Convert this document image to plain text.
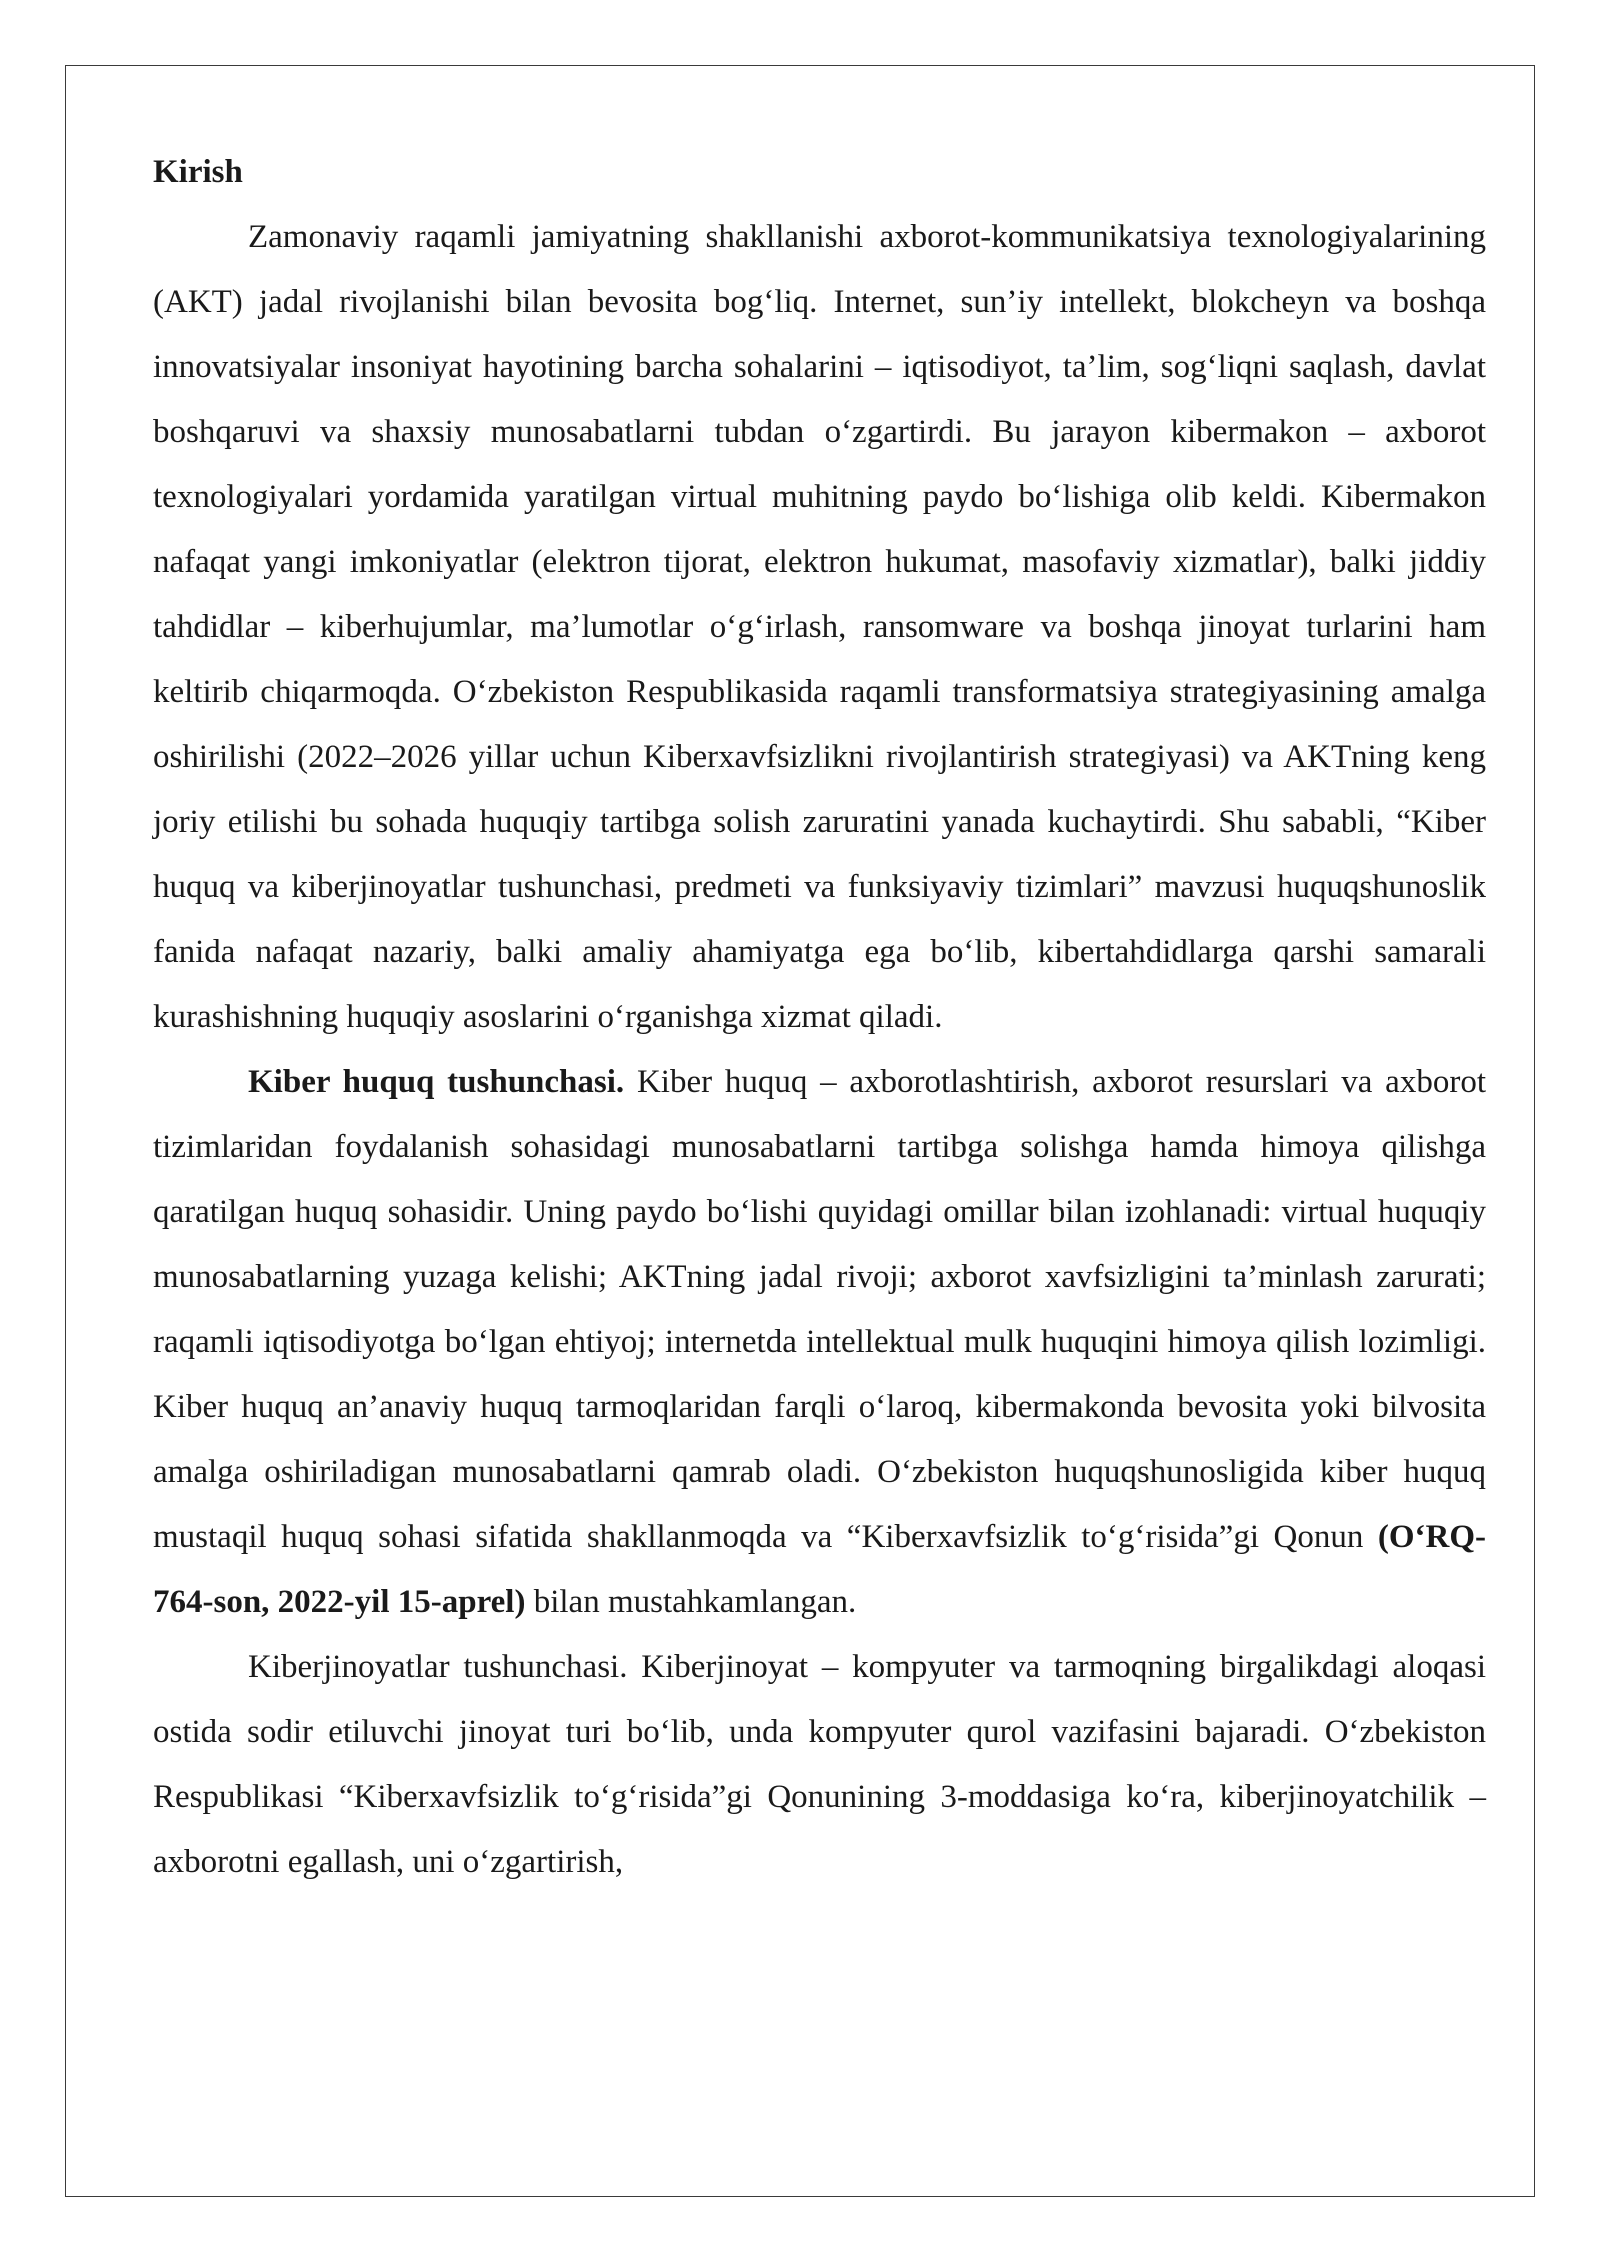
Kirish

Zamonaviy raqamli jamiyatning shakllanishi axborot-kommunikatsiya texnologiyalarining (AKT) jadal rivojlanishi bilan bevosita bog‘liq. Internet, sun’iy intellekt, blokcheyn va boshqa innovatsiyalar insoniyat hayotining barcha sohalarini – iqtisodiyot, ta’lim, sog‘liqni saqlash, davlat boshqaruvi va shaxsiy munosabatlarni tubdan o‘zgartirdi. Bu jarayon kibermakon – axborot texnologiyalari yordamida yaratilgan virtual muhitning paydo bo‘lishiga olib keldi. Kibermakon nafaqat yangi imkoniyatlar (elektron tijorat, elektron hukumat, masofaviy xizmatlar), balki jiddiy tahdidlar – kiberhujumlar, ma’lumotlar o‘g‘irlash, ransomware va boshqa jinoyat turlarini ham keltirib chiqarmoqda. O‘zbekiston Respublikasida raqamli transformatsiya strategiyasining amalga oshirilishi (2022–2026 yillar uchun Kiberxavfsizlikni rivojlantirish strategiyasi) va AKTning keng joriy etilishi bu sohada huquqiy tartibga solish zaruratini yanada kuchaytirdi. Shu sababli, “Kiber huquq va kiberjinoyatlar tushunchasi, predmeti va funksiyaviy tizimlari” mavzusi huquqshunoslik fanida nafaqat nazariy, balki amaliy ahamiyatga ega bo‘lib, kibertahdidlarga qarshi samarali kurashishning huquqiy asoslarini o‘rganishga xizmat qiladi.

Kiber huquq tushunchasi. Kiber huquq – axborotlashtirish, axborot resurslari va axborot tizimlaridan foydalanish sohasidagi munosabatlarni tartibga solishga hamda himoya qilishga qaratilgan huquq sohasidir. Uning paydo bo‘lishi quyidagi omillar bilan izohlanadi: virtual huquqiy munosabatlarning yuzaga kelishi; AKTning jadal rivoji; axborot xavfsizligini ta’minlash zarurati; raqamli iqtisodiyotga bo‘lgan ehtiyoj; internetda intellektual mulk huquqini himoya qilish lozimligi. Kiber huquq an’anaviy huquq tarmoqlaridan farqli o‘laroq, kibermakonda bevosita yoki bilvosita amalga oshiriladigan munosabatlarni qamrab oladi. O‘zbekiston huquqshunosligida kiber huquq mustaqil huquq sohasi sifatida shakllanmoqda va “Kiberxavfsizlik to‘g‘risida”gi Qonun (O‘RQ-764-son, 2022-yil 15-aprel) bilan mustahkamlangan.

Kiberjinoyatlar tushunchasi. Kiberjinoyat – kompyuter va tarmoqning birgalikdagi aloqasi ostida sodir etiluvchi jinoyat turi bo‘lib, unda kompyuter qurol vazifasini bajaradi. O‘zbekiston Respublikasi “Kiberxavfsizlik to‘g‘risida”gi Qonunining 3-moddasiga ko‘ra, kiberjinoyatchilik – axborotni egallash, uni o‘zgartirish,
